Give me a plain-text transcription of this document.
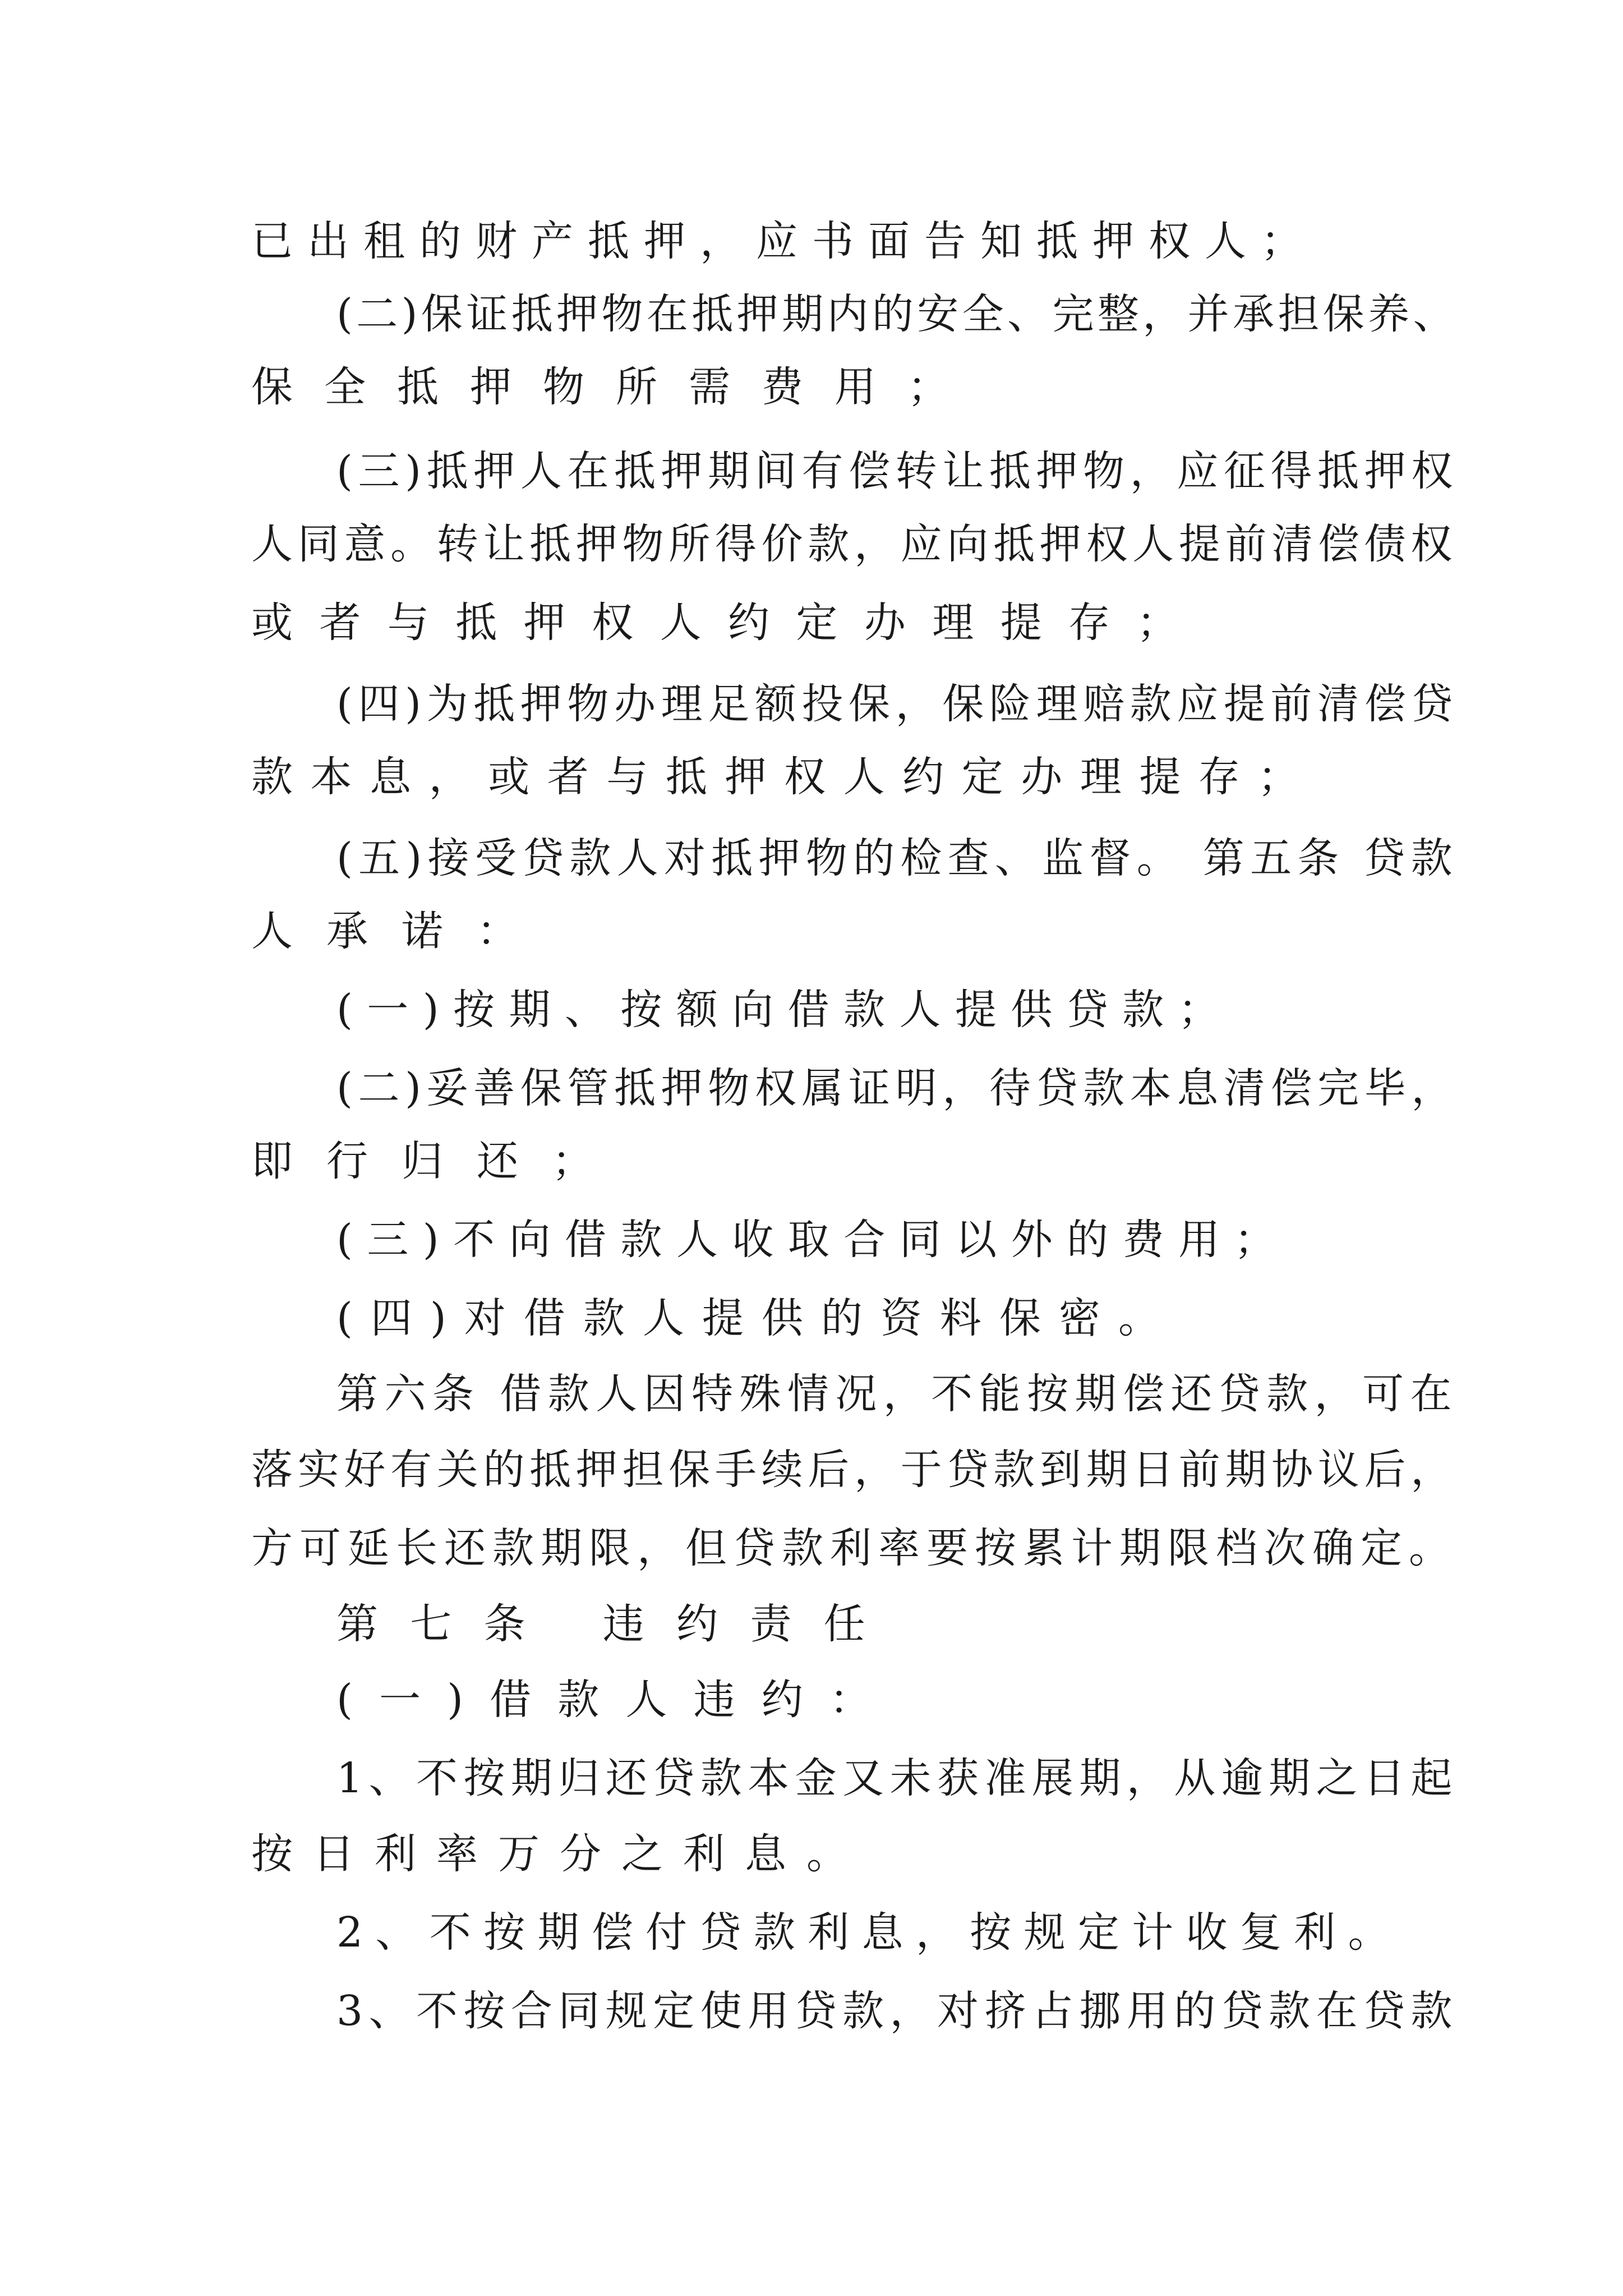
已出租的财产抵押，应书面告知抵押权人；
(二)保证抵押物在抵押期内的安全、完整，并承担保养、
保全抵押物所需费用；
(三)抵押人在抵押期间有偿转让抵押物，应征得抵押权
人同意。转让抵押物所得价款，应向抵押权人提前清偿债权
或者与抵押权人约定办理提存；
(四)为抵押物办理足额投保，保险理赔款应提前清偿贷
款本息，或者与抵押权人约定办理提存；
(五)接受贷款人对抵押物的检查、监督。 第五条 贷款
人承诺：
(一)按期、按额向借款人提供贷款；
(二)妥善保管抵押物权属证明，待贷款本息清偿完毕，
即行归还；
(三)不向借款人收取合同以外的费用；
(四)对借款人提供的资料保密。
第六条 借款人因特殊情况，不能按期偿还贷款，可在
落实好有关的抵押担保手续后，于贷款到期日前期协议后，
方可延长还款期限，但贷款利率要按累计期限档次确定。
第七条 违约责任
(一)借款人违约：
1、不按期归还贷款本金又未获准展期，从逾期之日起
按日利率万分之利息。
2、不按期偿付贷款利息，按规定计收复利。
3、不按合同规定使用贷款，对挤占挪用的贷款在贷款
